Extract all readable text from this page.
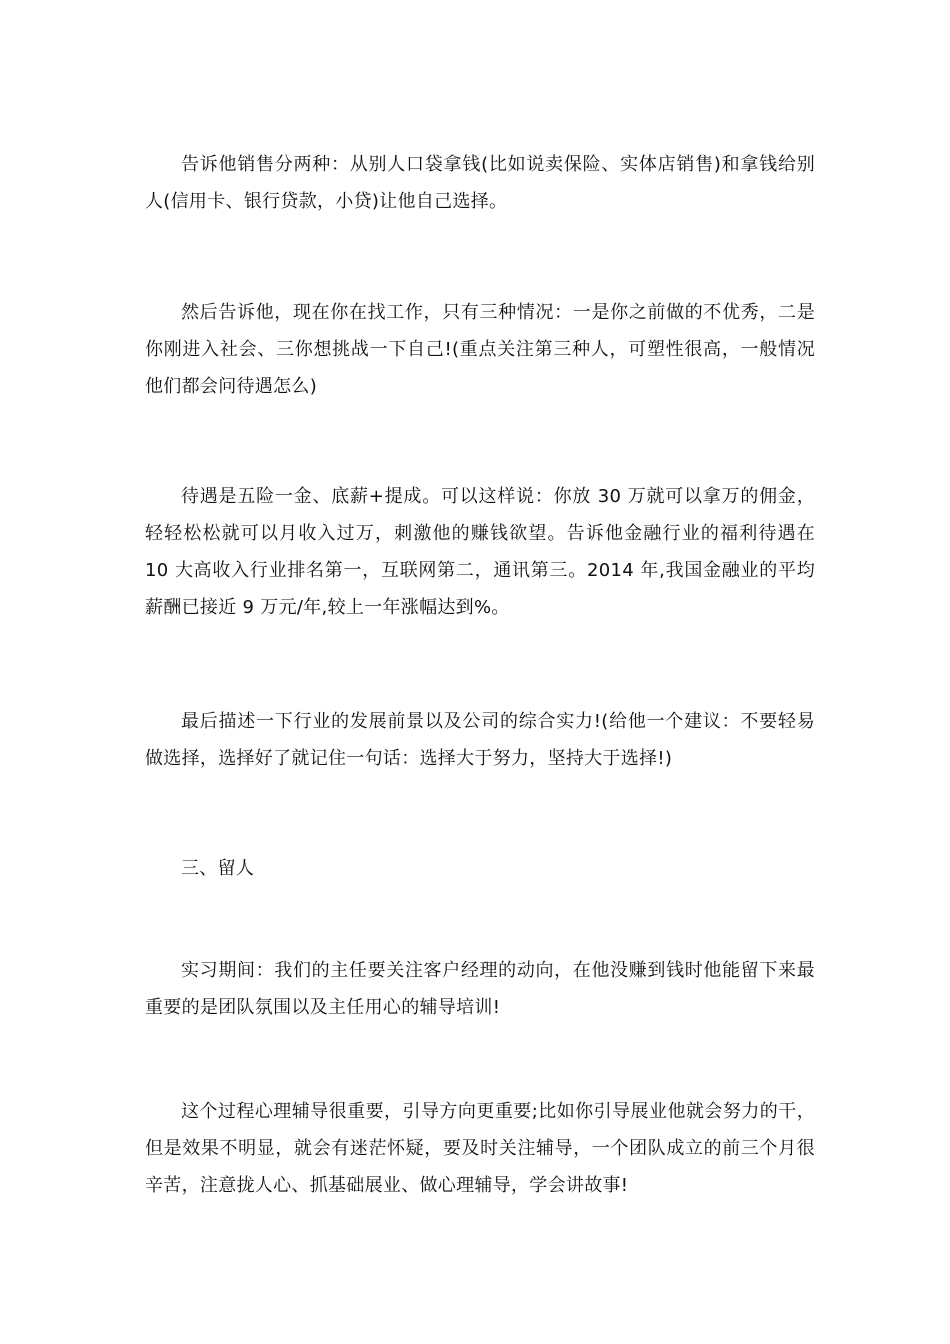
告诉他销售分两种：从别人口袋拿钱(比如说卖保险、实体店销售)和拿钱给别人(信用卡、银行贷款，小贷)让他自己选择。

然后告诉他，现在你在找工作，只有三种情况：一是你之前做的不优秀，二是你刚进入社会、三你想挑战一下自己!(重点关注第三种人，可塑性很高，一般情况他们都会问待遇怎么)

待遇是五险一金、底薪+提成。可以这样说：你放 30 万就可以拿万的佣金，轻轻松松就可以月收入过万，刺激他的赚钱欲望。告诉他金融行业的福利待遇在 10 大高收入行业排名第一，互联网第二，通讯第三。2014 年,我国金融业的平均薪酬已接近 9 万元/年,较上一年涨幅达到%。

最后描述一下行业的发展前景以及公司的综合实力!(给他一个建议：不要轻易做选择，选择好了就记住一句话：选择大于努力，坚持大于选择!)

三、留人

实习期间：我们的主任要关注客户经理的动向，在他没赚到钱时他能留下来最重要的是团队氛围以及主任用心的辅导培训!

这个过程心理辅导很重要，引导方向更重要;比如你引导展业他就会努力的干，但是效果不明显，就会有迷茫怀疑，要及时关注辅导，一个团队成立的前三个月很辛苦，注意拢人心、抓基础展业、做心理辅导，学会讲故事!
